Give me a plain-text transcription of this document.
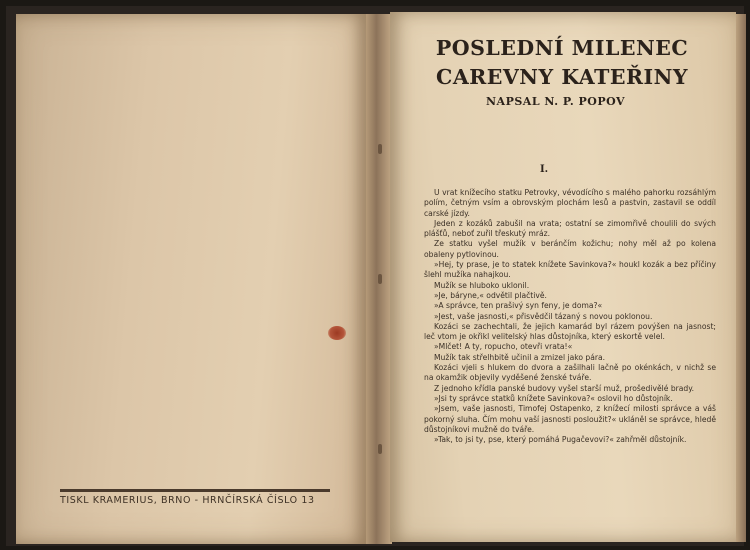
TISKL KRAMERIUS, BRNO - HRNČÍRSKÁ ČÍSLO 13
POSLEDNÍ MILENEC
CAREVNY KATEŘINY
NAPSAL N. P. POPOV
I.

U vrat knížecího statku Petrovky, vévodícího s malého pahorku rozsáhlým polím, četným vsím a obrovským plochám lesů a pastvin, zastavil se oddíl carské jízdy.

Jeden z kozáků zabušil na vrata; ostatní se zimomřivě choulili do svých plášťů, neboť zuřil třeskutý mráz.

Ze statku vyšel mužík v beránčím kožichu; nohy měl až po kolena obaleny pytlovinou.

»Hej, ty prase, je to statek knížete Savinkova?« houkl kozák a bez příčiny šlehl mužíka nahajkou.

Mužík se hluboko uklonil.

»Je, báryne,« odvětil plačtivě.

»A správce, ten prašivý syn feny, je doma?«

»Jest, vaše jasnosti,« přisvědčil tázaný s novou poklonou.

Kozáci se zachechtali, že jejich kamarád byl rázem povýšen na jasnost; leč vtom je okřikl velitelský hlas důstojníka, který eskortě velel.

»Mlčet! A ty, ropucho, otevři vrata!«

Mužík tak střelhbitě učinil a zmizel jako pára.

Kozáci vjeli s hlukem do dvora a zašilhali lačně po okénkách, v nichž se na okamžik objevily vyděšené ženské tváře.

Z jednoho křídla panské budovy vyšel starší muž, prošedivělé brady.

»Jsi ty správce statků knížete Savinkova?« oslovil ho důstojník.

»Jsem, vaše jasnosti, Timofej Ostapenko, z knížecí milosti správce a váš pokorný sluha. Čím mohu vaší jasnosti posloužit?« ukláněl se správce, hledě důstojníkovi mužně do tváře.

»Tak, to jsi ty, pse, který pomáhá Pugačevovi?« zahřměl důstojník.
